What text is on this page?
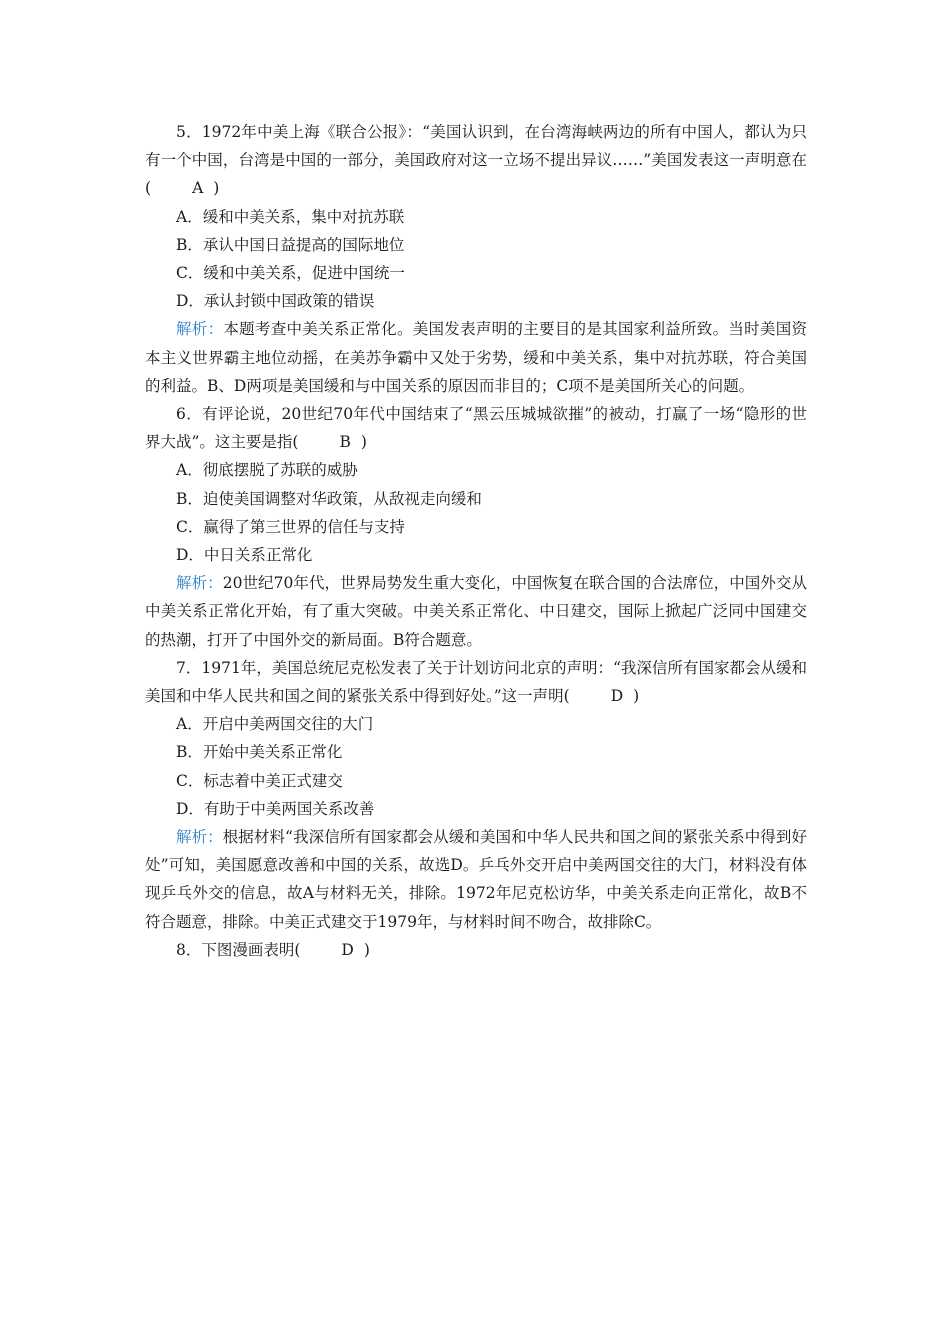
5．1972年中美上海《联合公报》：“美国认识到，在台湾海峡两边的所有中国人，都认为只有一个中国，台湾是中国的一部分，美国政府对这一立场不提出异议……”美国发表这一声明意在(	A )

A．缓和中美关系，集中对抗苏联

B．承认中国日益提高的国际地位

C．缓和中美关系，促进中国统一

D．承认封锁中国政策的错误

解析：本题考查中美关系正常化。美国发表声明的主要目的是其国家利益所致。当时美国资本主义世界霸主地位动摇，在美苏争霸中又处于劣势，缓和中美关系，集中对抗苏联，符合美国的利益。B、D两项是美国缓和与中国关系的原因而非目的；C项不是美国所关心的问题。

6．有评论说，20世纪70年代中国结束了“黑云压城城欲摧”的被动，打赢了一场“隐形的世界大战”。这主要是指(	B )

A．彻底摆脱了苏联的威胁

B．迫使美国调整对华政策，从敌视走向缓和

C．赢得了第三世界的信任与支持

D．中日关系正常化

解析：20世纪70年代，世界局势发生重大变化，中国恢复在联合国的合法席位，中国外交从中美关系正常化开始，有了重大突破。中美关系正常化、中日建交，国际上掀起广泛同中国建交的热潮，打开了中国外交的新局面。B符合题意。

7．1971年，美国总统尼克松发表了关于计划访问北京的声明：“我深信所有国家都会从缓和美国和中华人民共和国之间的紧张关系中得到好处。”这一声明(	D )

A．开启中美两国交往的大门

B．开始中美关系正常化

C．标志着中美正式建交

D．有助于中美两国关系改善

解析：根据材料“我深信所有国家都会从缓和美国和中华人民共和国之间的紧张关系中得到好处”可知，美国愿意改善和中国的关系，故选D。乒乓外交开启中美两国交往的大门，材料没有体现乒乓外交的信息，故A与材料无关，排除。1972年尼克松访华，中美关系走向正常化，故B不符合题意，排除。中美正式建交于1979年，与材料时间不吻合，故排除C。

8．下图漫画表明(	D )
